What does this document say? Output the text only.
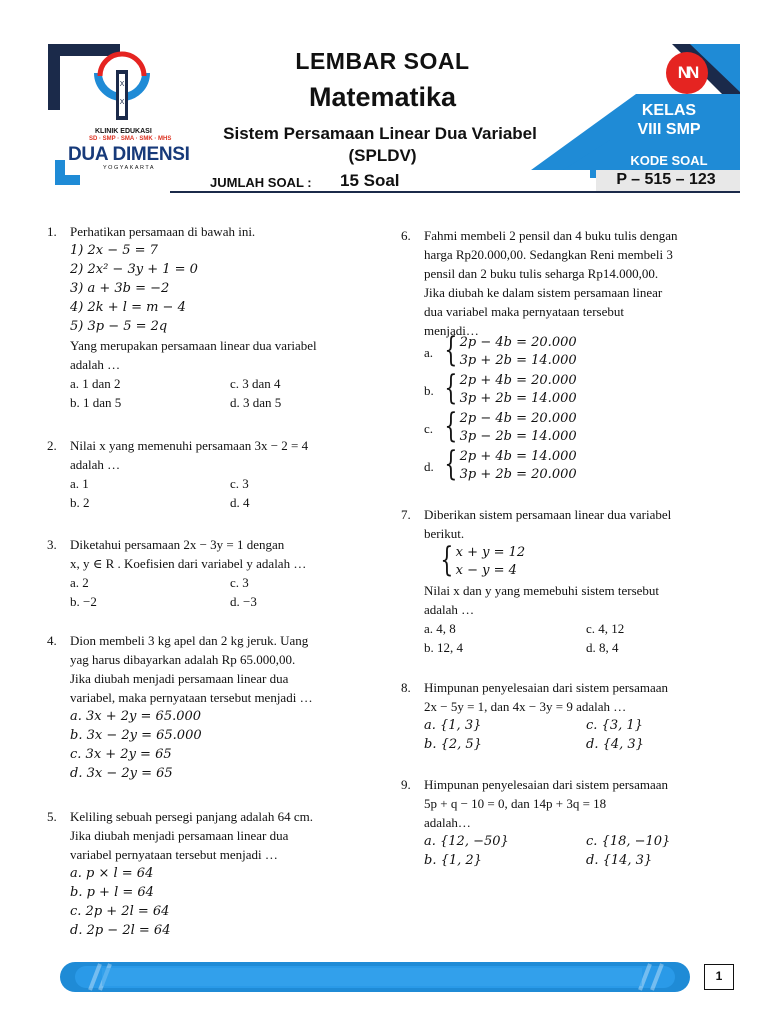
X
X
LEMBAR SOAL
Matematika
Sistem Persamaan Linear Dua Variabel
(SPLDV)
JUMLAH SOAL : 15 Soal
KLINIK EDUKASI
SD · SMP · SMA · SMK · MHS
DUA DIMENSI
YOGYAKARTA
NN
KELAS
VIII SMP
KODE SOAL
P – 515 – 123
1. Perhatikan persamaan di bawah ini.
1) 2x − 5 = 7
2) 2x² − 3y + 1 = 0
3) a + 3b = −2
4) 2k + l = m − 4
5) 3p − 5 = 2q
Yang merupakan persamaan linear dua variabel
adalah …
a. 1 dan 2
b. 1 dan 5
c. 3 dan 4
d. 3 dan 5
2. Nilai x yang memenuhi persamaan 3x − 2 = 4
adalah …
a. 1
b. 2
c. 3
d. 4
3. Diketahui persamaan 2x − 3y = 1 dengan
x, y ∈ R . Koefisien dari variabel y adalah …
a. 2
b. −2
c. 3
d. −3
4. Dion membeli 3 kg apel dan 2 kg jeruk. Uang
yag harus dibayarkan adalah Rp 65.000,00.
Jika diubah menjadi persamaan linear dua
variabel, maka pernyataan tersebut menjadi …
a. 3x + 2y = 65.000
b. 3x − 2y = 65.000
c. 3x + 2y = 65
d. 3x − 2y = 65
5. Keliling sebuah persegi panjang adalah 64 cm.
Jika diubah menjadi persamaan linear dua
variabel pernyataan tersebut menjadi …
a. p × l = 64
b. p + l = 64
c. 2p + 2l = 64
d. 2p − 2l = 64
6. Fahmi membeli 2 pensil dan 4 buku tulis dengan
harga Rp20.000,00. Sedangkan Reni membeli 3
pensil dan 2 buku tulis seharga Rp14.000,00.
Jika diubah ke dalam sistem persamaan linear
dua variabel maka pernyataan tersebut
menjadi…
a. { 2p − 4b = 20.000
3p + 2b = 14.000
b. { 2p + 4b = 20.000
3p + 2b = 14.000
c. { 2p − 4b = 20.000
3p − 2b = 14.000
d. { 2p + 4b = 14.000
3p + 2b = 20.000
7. Diberikan sistem persamaan linear dua variabel
berikut.
{ x + y = 12
x − y = 4
Nilai x dan y yang memebuhi sistem tersebut
adalah …
a. 4, 8
b. 12, 4
c. 4, 12
d. 8, 4
8. Himpunan penyelesaian dari sistem persamaan
2x − 5y = 1, dan 4x − 3y = 9 adalah …
a. {1, 3}
b. {2, 5}
c. {3, 1}
d. {4, 3}
9. Himpunan penyelesaian dari sistem persamaan
5p + q − 10 = 0, dan 14p + 3q = 18
adalah…
a. {12, −50}
b. {1, 2}
c. {18, −10}
d. {14, 3}
1
